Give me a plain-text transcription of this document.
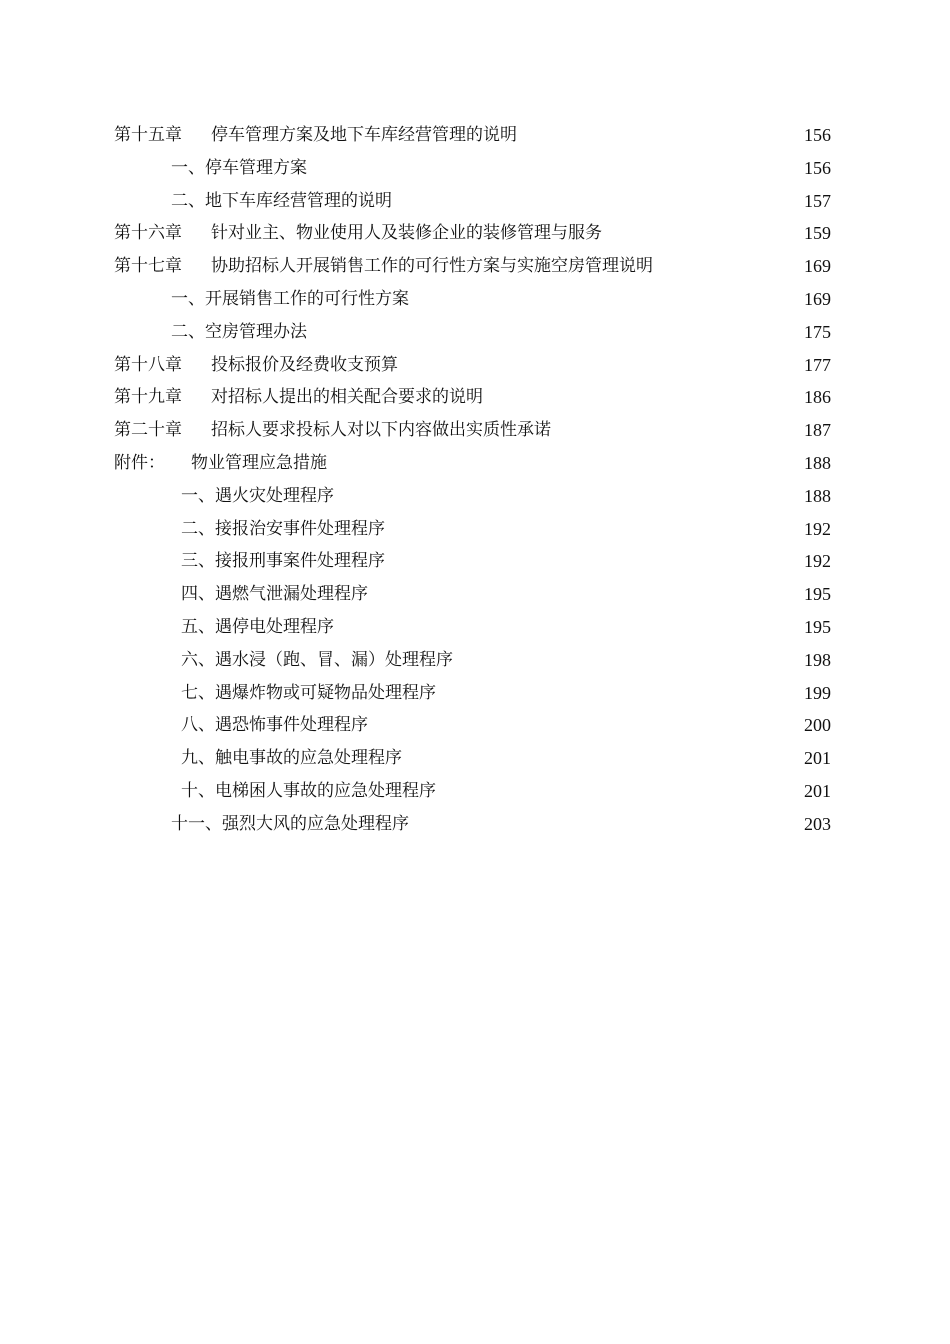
第十五章 停车管理方案及地下车库经营管理的说明	156
一、停车管理方案	156
二、地下车库经营管理的说明	157
第十六章 针对业主、物业使用人及装修企业的装修管理与服务	159
第十七章 协助招标人开展销售工作的可行性方案与实施空房管理说明	169
一、开展销售工作的可行性方案	169
二、空房管理办法	175
第十八章 投标报价及经费收支预算	177
第十九章 对招标人提出的相关配合要求的说明	186
第二十章 招标人要求投标人对以下内容做出实质性承诺	187
附件： 物业管理应急措施	188
一、遇火灾处理程序	188
二、接报治安事件处理程序	192
三、接报刑事案件处理程序	192
四、遇燃气泄漏处理程序	195
五、遇停电处理程序	195
六、遇水浸（跑、冒、漏）处理程序	198
七、遇爆炸物或可疑物品处理程序	199
八、遇恐怖事件处理程序	200
九、触电事故的应急处理程序	201
十、电梯困人事故的应急处理程序	201
十一、强烈大风的应急处理程序	203
